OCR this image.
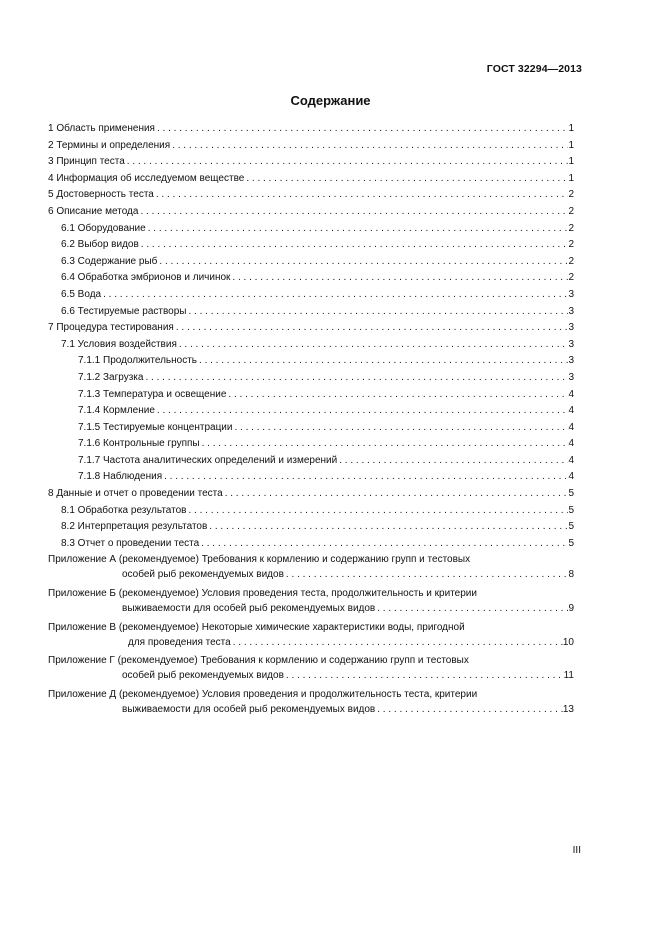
ГОСТ 32294—2013
Содержание
1 Область применения . . .	1
2 Термины и определения . . .	1
3 Принцип теста . . .	1
4 Информация об исследуемом веществе . . .	1
5 Достоверность теста . . .	2
6 Описание метода . . .	2
6.1 Оборудование . . .	2
6.2 Выбор видов . . .	2
6.3 Содержание рыб . . .	2
6.4 Обработка эмбрионов и личинок . . .	2
6.5 Вода . . .	3
6.6 Тестируемые растворы . . .	3
7 Процедура тестирования . . .	3
7.1 Условия воздействия . . .	3
7.1.1 Продолжительность . . .	3
7.1.2 Загрузка . . .	3
7.1.3 Температура и освещение . . .	4
7.1.4 Кормление . . .	4
7.1.5 Тестируемые концентрации . . .	4
7.1.6 Контрольные группы . . .	4
7.1.7 Частота аналитических определений и измерений . . .	4
7.1.8 Наблюдения . . .	4
8 Данные и отчет о проведении теста . . .	5
8.1 Обработка результатов . . .	5
8.2 Интерпретация результатов . . .	5
8.3 Отчет о проведении теста . . .	5
Приложение А (рекомендуемое) Требования к кормлению и содержанию групп и тестовых
особей рыб рекомендуемых видов . . .	8
Приложение Б (рекомендуемое) Условия проведения теста, продолжительность и критерии
выживаемости для особей рыб рекомендуемых видов . . .	9
Приложение В (рекомендуемое) Некоторые химические характеристики воды, пригодной
для проведения теста . . .	10
Приложение Г (рекомендуемое) Требования к кормлению и содержанию групп и тестовых
особей рыб рекомендуемых видов . . .	11
Приложение Д (рекомендуемое) Условия проведения и продолжительность теста, критерии
выживаемости для особей рыб рекомендуемых видов . . .	13
III
